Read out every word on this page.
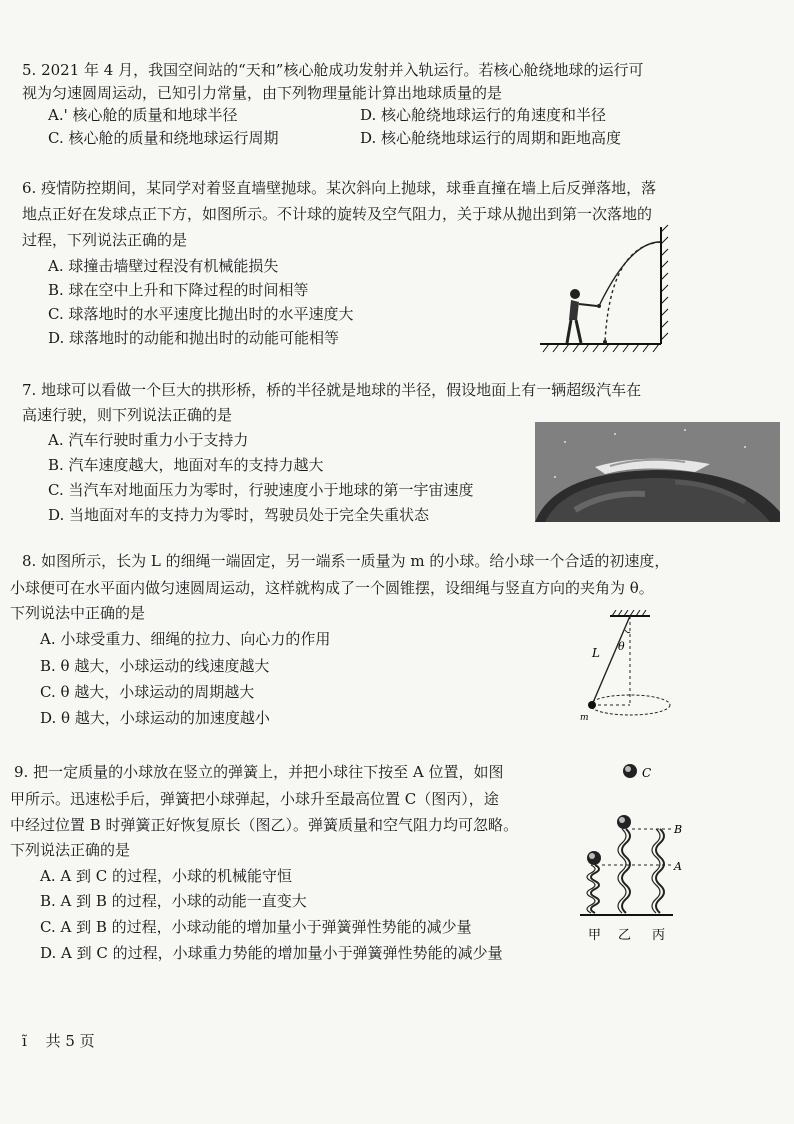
5. 2021 年 4 月，我国空间站的“天和”核心舱成功发射并入轨运行。若核心舱绕地球的运行可
视为匀速圆周运动，已知引力常量，由下列物理量能计算出地球质量的是
A.' 核心舱的质量和地球半径	D. 核心舱绕地球运行的角速度和半径
C. 核心舱的质量和绕地球运行周期	D. 核心舱绕地球运行的周期和距地高度
6. 疫情防控期间，某同学对着竖直墙壁抛球。某次斜向上抛球，球垂直撞在墙上后反弹落地，落
地点正好在发球点正下方，如图所示。不计球的旋转及空气阻力，关于球从抛出到第一次落地的
过程，下列说法正确的是
A. 球撞击墙壁过程没有机械能损失
B. 球在空中上升和下降过程的时间相等
C. 球落地时的水平速度比抛出时的水平速度大
D. 球落地时的动能和抛出时的动能可能相等
7. 地球可以看做一个巨大的拱形桥，桥的半径就是地球的半径，假设地面上有一辆超级汽车在
高速行驶，则下列说法正确的是
A. 汽车行驶时重力小于支持力
B. 汽车速度越大，地面对车的支持力越大
C. 当汽车对地面压力为零时，行驶速度小于地球的第一宇宙速度
D. 当地面对车的支持力为零时，驾驶员处于完全失重状态
8. 如图所示，长为 L 的细绳一端固定，另一端系一质量为 m 的小球。给小球一个合适的初速度，
小球便可在水平面内做匀速圆周运动，这样就构成了一个圆锥摆，设细绳与竖直方向的夹角为 θ。
下列说法中正确的是
A. 小球受重力、细绳的拉力、向心力的作用
B. θ 越大，小球运动的线速度越大
C. θ 越大，小球运动的周期越大
D. θ 越大，小球运动的加速度越小
L θ
m
9. 把一定质量的小球放在竖立的弹簧上，并把小球往下按至 A 位置，如图
甲所示。迅速松手后，弹簧把小球弹起，小球升至最高位置 C（图丙），途
中经过位置 B 时弹簧正好恢复原长（图乙）。弹簧质量和空气阻力均可忽略。
下列说法正确的是
A. A 到 C 的过程，小球的机械能守恒
B. A 到 B 的过程，小球的动能一直变大
C. A 到 B 的过程，小球动能的增加量小于弹簧弹性势能的减少量
D. A 到 C 的过程，小球重力势能的增加量小于弹簧弹性势能的减少量
C
B
A
甲 乙 丙
ĩ 共 5 页
